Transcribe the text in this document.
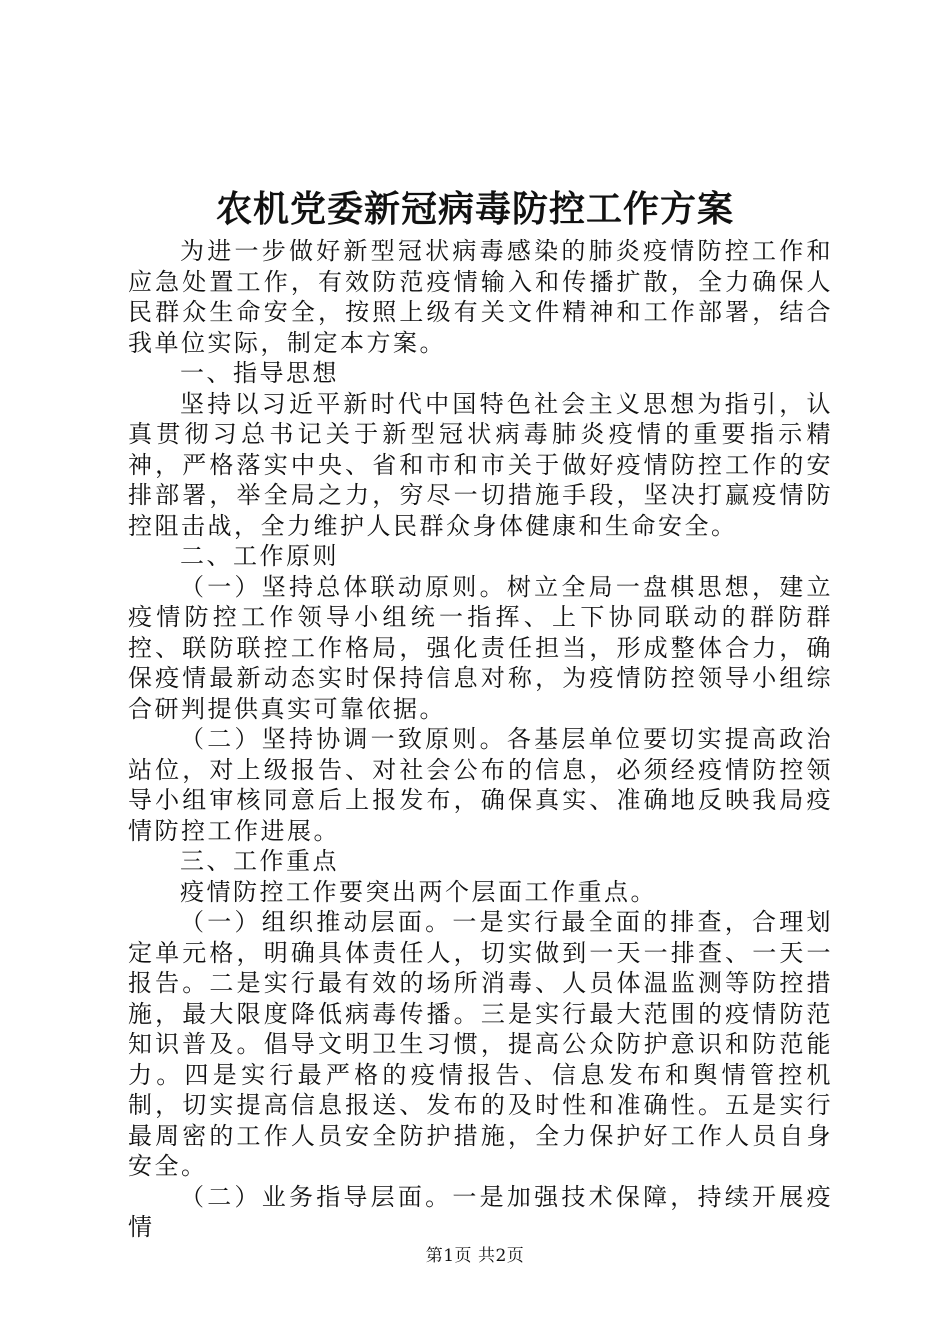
农机党委新冠病毒防控工作方案

为进一步做好新型冠状病毒感染的肺炎疫情防控工作和应急处置工作，有效防范疫情输入和传播扩散，全力确保人民群众生命安全，按照上级有关文件精神和工作部署，结合我单位实际，制定本方案。

一、指导思想

坚持以习近平新时代中国特色社会主义思想为指引，认真贯彻习总书记关于新型冠状病毒肺炎疫情的重要指示精神，严格落实中央、省和市和市关于做好疫情防控工作的安排部署，举全局之力，穷尽一切措施手段，坚决打赢疫情防控阻击战，全力维护人民群众身体健康和生命安全。

二、工作原则

（一）坚持总体联动原则。树立全局一盘棋思想，建立疫情防控工作领导小组统一指挥、上下协同联动的群防群控、联防联控工作格局，强化责任担当，形成整体合力，确保疫情最新动态实时保持信息对称，为疫情防控领导小组综合研判提供真实可靠依据。

（二）坚持协调一致原则。各基层单位要切实提高政治站位，对上级报告、对社会公布的信息，必须经疫情防控领导小组审核同意后上报发布，确保真实、准确地反映我局疫情防控工作进展。

三、工作重点

疫情防控工作要突出两个层面工作重点。

（一）组织推动层面。一是实行最全面的排查，合理划定单元格，明确具体责任人，切实做到一天一排查、一天一报告。二是实行最有效的场所消毒、人员体温监测等防控措施，最大限度降低病毒传播。三是实行最大范围的疫情防范知识普及。倡导文明卫生习惯，提高公众防护意识和防范能力。四是实行最严格的疫情报告、信息发布和舆情管控机制，切实提高信息报送、发布的及时性和准确性。五是实行最周密的工作人员安全防护措施，全力保护好工作人员自身安全。

（二）业务指导层面。一是加强技术保障，持续开展疫情

第1页 共2页
